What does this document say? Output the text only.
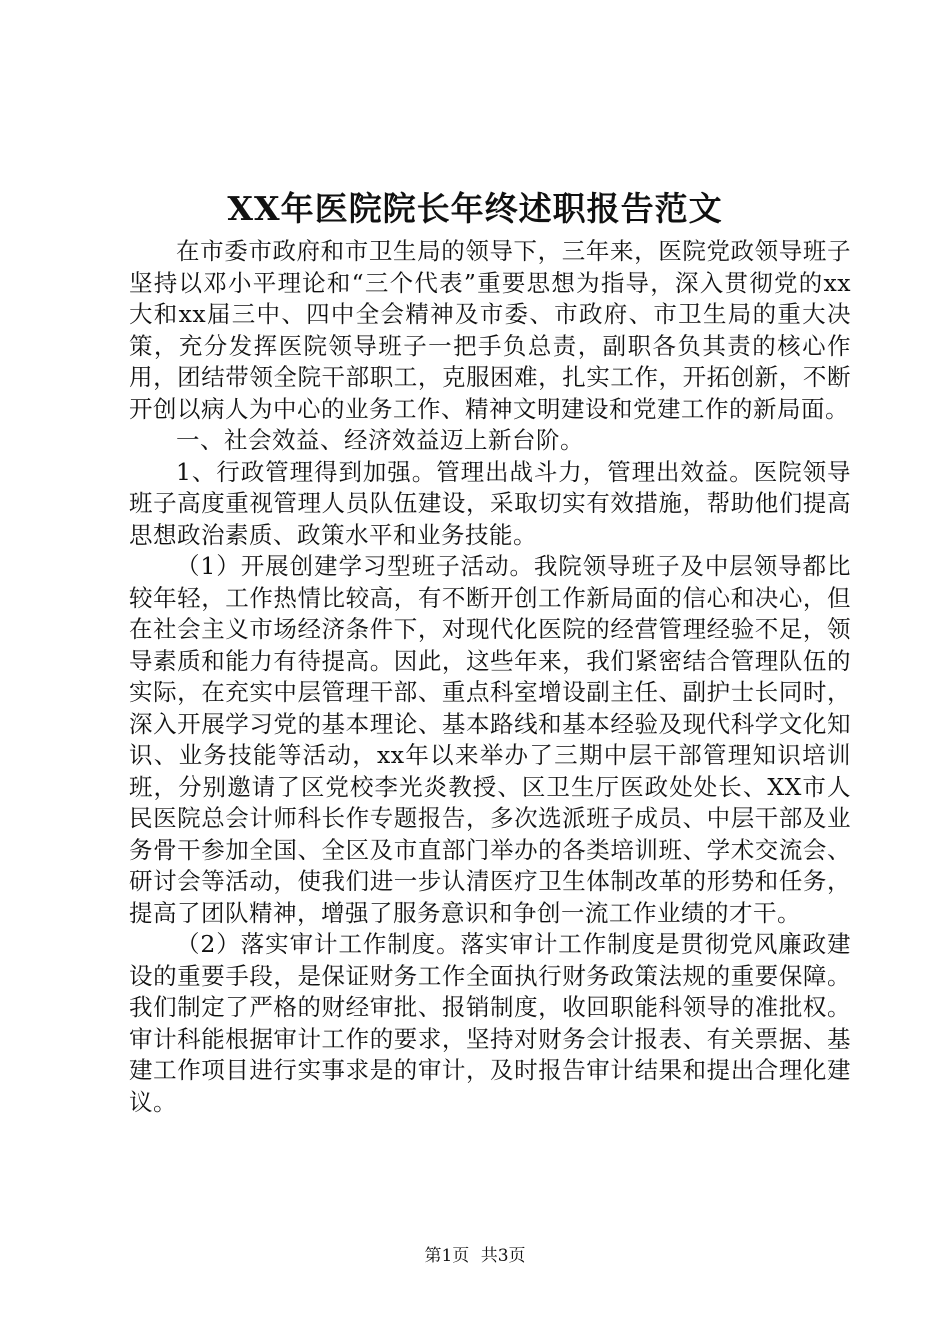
XX年医院院长年终述职报告范文

在市委市政府和市卫生局的领导下，三年来，医院党政领导班子坚持以邓小平理论和“三个代表”重要思想为指导，深入贯彻党的xx大和xx届三中、四中全会精神及市委、市政府、市卫生局的重大决策，充分发挥医院领导班子一把手负总责，副职各负其责的核心作用，团结带领全院干部职工，克服困难，扎实工作，开拓创新，不断开创以病人为中心的业务工作、精神文明建设和党建工作的新局面。

一、社会效益、经济效益迈上新台阶。

1、行政管理得到加强。管理出战斗力，管理出效益。医院领导班子高度重视管理人员队伍建设，采取切实有效措施，帮助他们提高思想政治素质、政策水平和业务技能。

（1）开展创建学习型班子活动。我院领导班子及中层领导都比较年轻，工作热情比较高，有不断开创工作新局面的信心和决心，但在社会主义市场经济条件下，对现代化医院的经营管理经验不足，领导素质和能力有待提高。因此，这些年来，我们紧密结合管理队伍的实际，在充实中层管理干部、重点科室增设副主任、副护士长同时，深入开展学习党的基本理论、基本路线和基本经验及现代科学文化知识、业务技能等活动，xx年以来举办了三期中层干部管理知识培训班，分别邀请了区党校李光炎教授、区卫生厅医政处处长、XX市人民医院总会计师科长作专题报告，多次选派班子成员、中层干部及业务骨干参加全国、全区及市直部门举办的各类培训班、学术交流会、研讨会等活动，使我们进一步认清医疗卫生体制改革的形势和任务，提高了团队精神，增强了服务意识和争创一流工作业绩的才干。

（2）落实审计工作制度。落实审计工作制度是贯彻党风廉政建设的重要手段，是保证财务工作全面执行财务政策法规的重要保障。我们制定了严格的财经审批、报销制度，收回职能科领导的准批权。审计科能根据审计工作的要求，坚持对财务会计报表、有关票据、基建工作项目进行实事求是的审计，及时报告审计结果和提出合理化建议。

第1页 共3页
